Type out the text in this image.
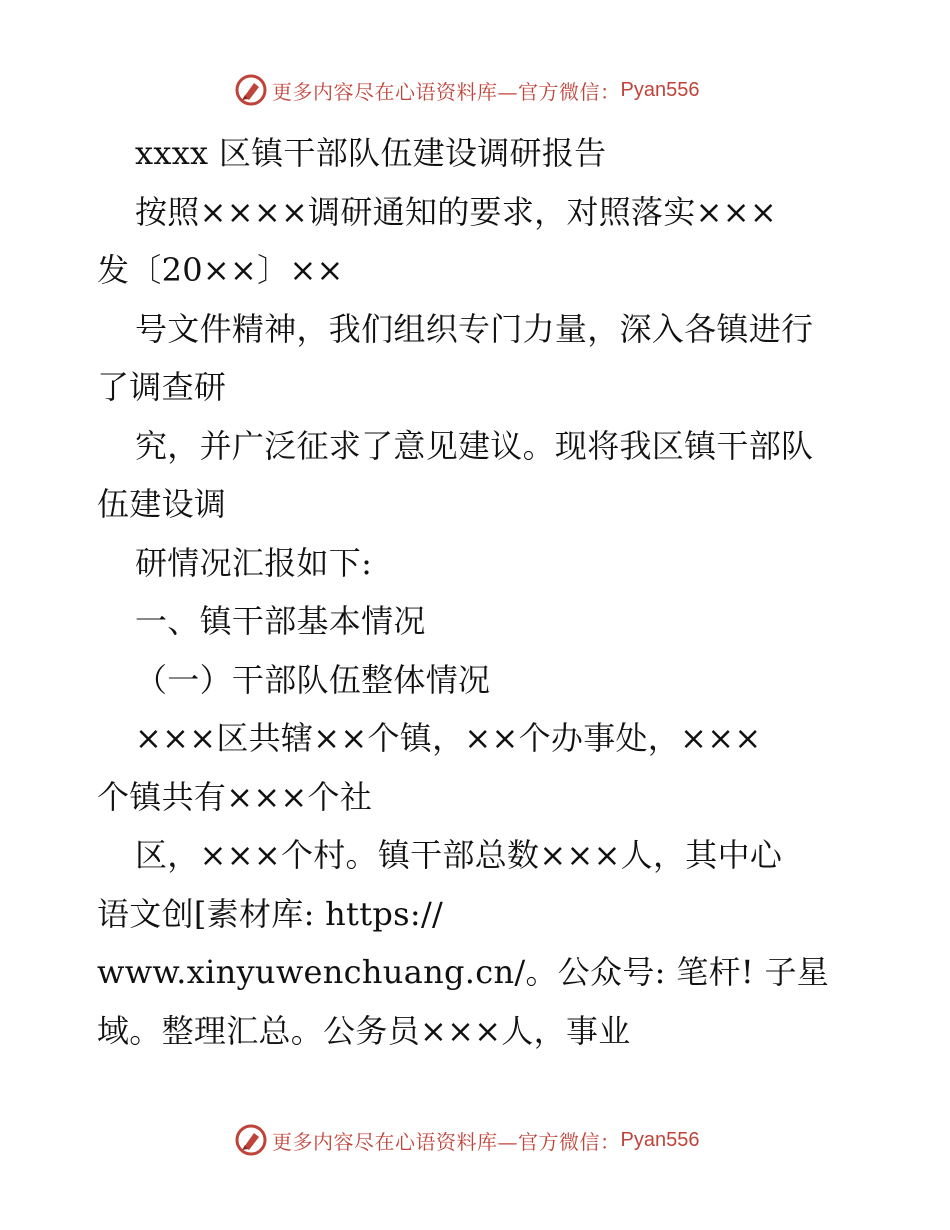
更多内容尽在心语资料库—官方微信： Pyan556
xxxx 区镇干部队伍建设调研报告
按照××××调研通知的要求，对照落实×××
发〔20××〕××
号文件精神，我们组织专门力量，深入各镇进行
了调查研
究，并广泛征求了意见建议。现将我区镇干部队
伍建设调
研情况汇报如下:
一、镇干部基本情况
（一）干部队伍整体情况
×××区共辖××个镇，××个办事处，×××
个镇共有×××个社
区，×××个村。镇干部总数×××人，其中心
语文创[素材库: https://
www.xinyuwenchuang.cn/。公众号: 笔杆! 子星
域。整理汇总。公务员×××人，事业
更多内容尽在心语资料库—官方微信： Pyan556
